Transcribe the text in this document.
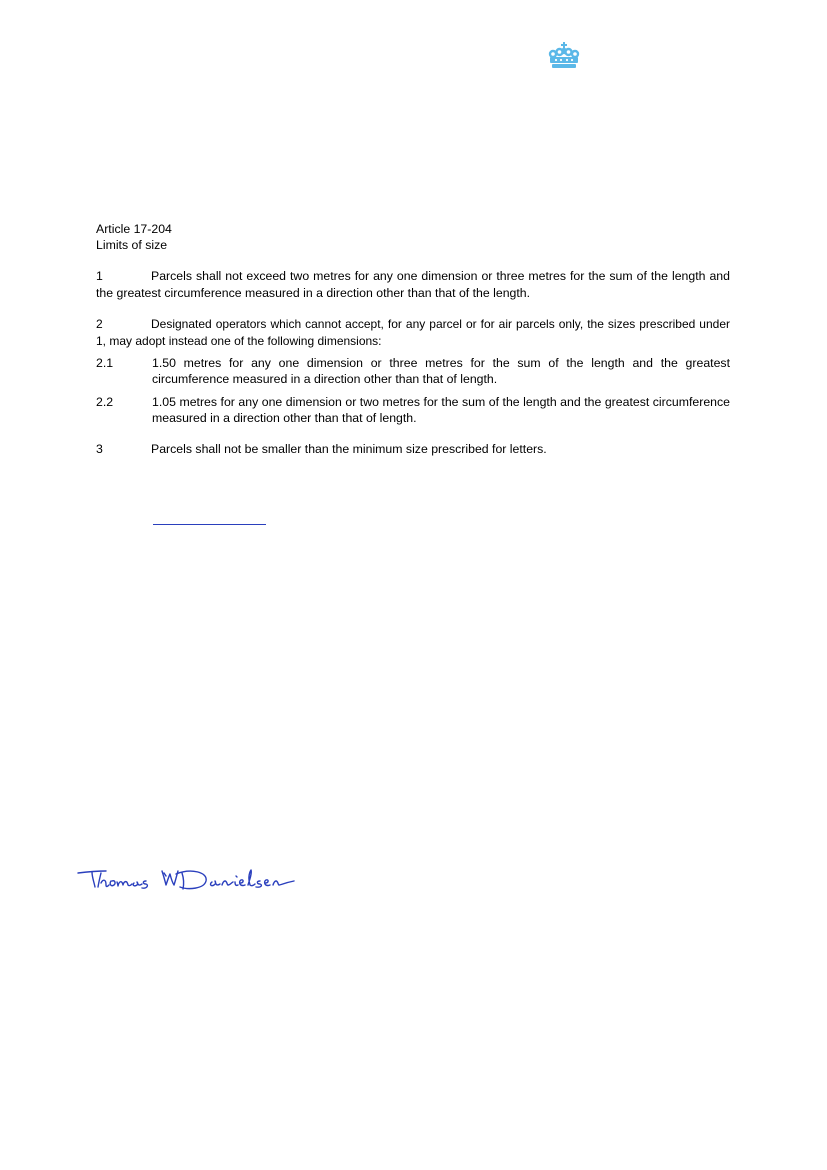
Article 17-204
Limits of size
1	Parcels shall not exceed two metres for any one dimension or three metres for the sum of the length and the greatest circumference measured in a direction other than that of the length.
2	Designated operators which cannot accept, for any parcel or for air parcels only, the sizes prescribed under 1, may adopt instead one of the following dimensions:
2.1	1.50 metres for any one dimension or three metres for the sum of the length and the greatest circumference measured in a direction other than that of length.
2.2	1.05 metres for any one dimension or two metres for the sum of the length and the greatest circumference measured in a direction other than that of length.
3	Parcels shall not be smaller than the minimum size prescribed for letters.
